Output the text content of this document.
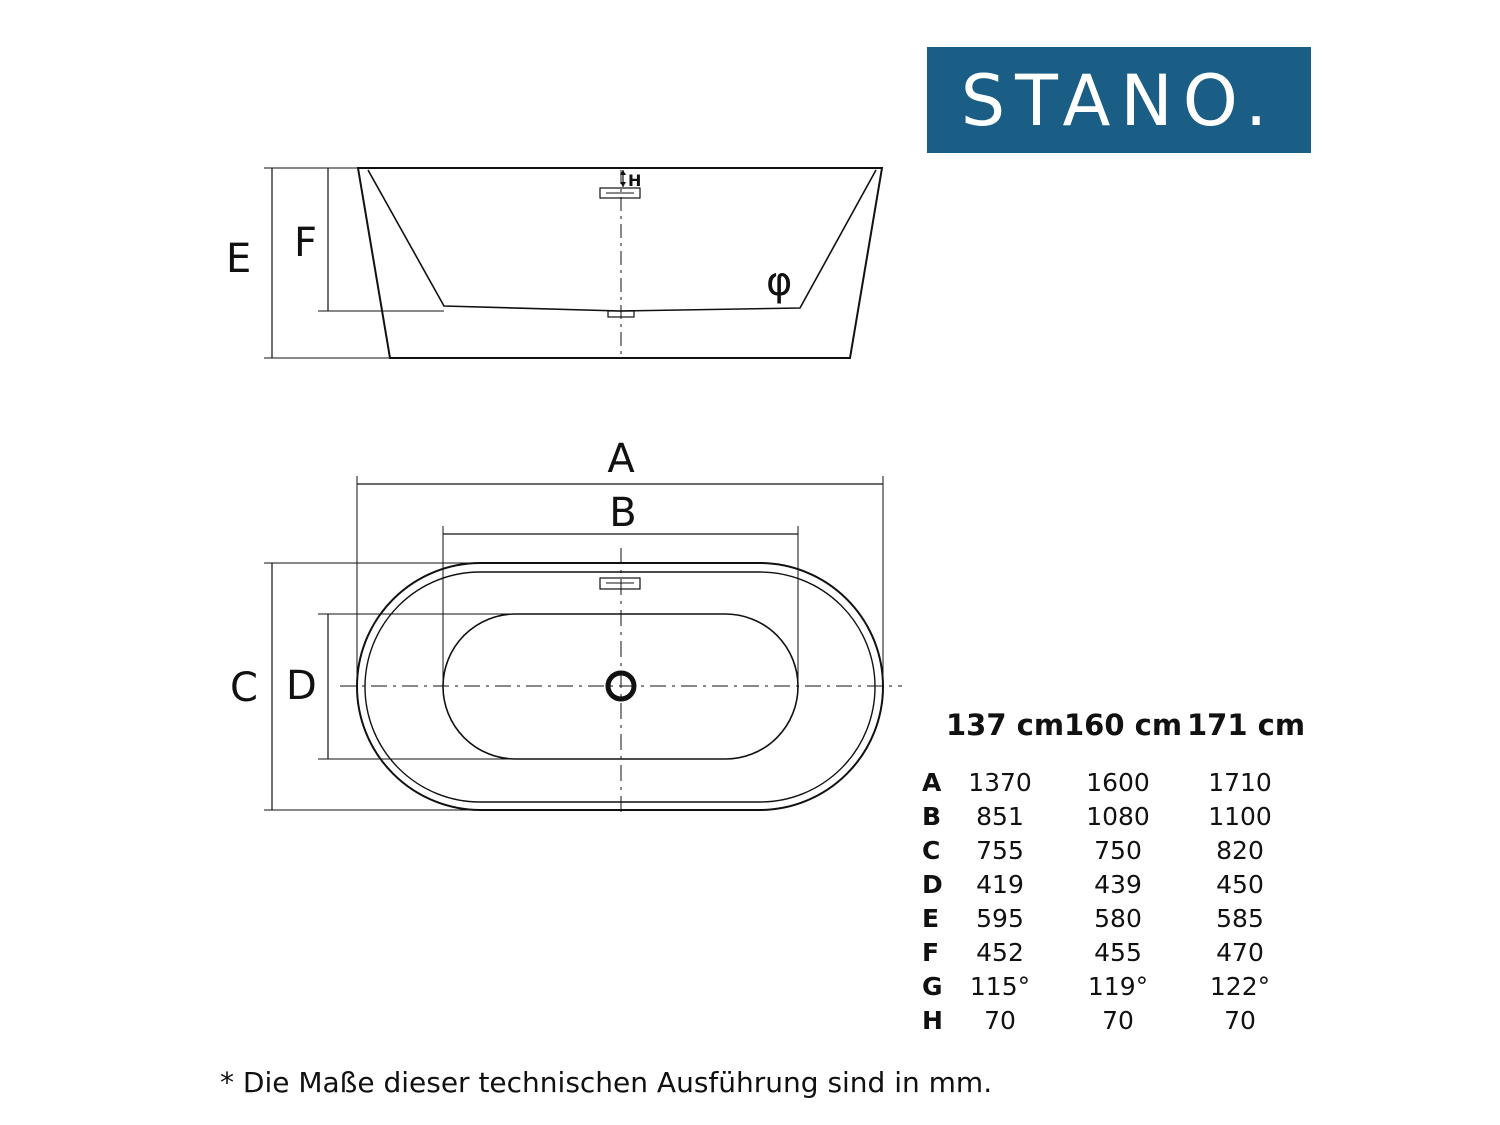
STANO.
E F
H
φ
A
B
C D
137 cm 160 cm 171 cm
A	1370	1600	1710
B	851	1080	1100
C	755	750	820
D	419	439	450
E	595	580	585
F	452	455	470
G	115°	119°	122°
H	70	70	70
* Die Maße dieser technischen Ausführung sind in mm.
